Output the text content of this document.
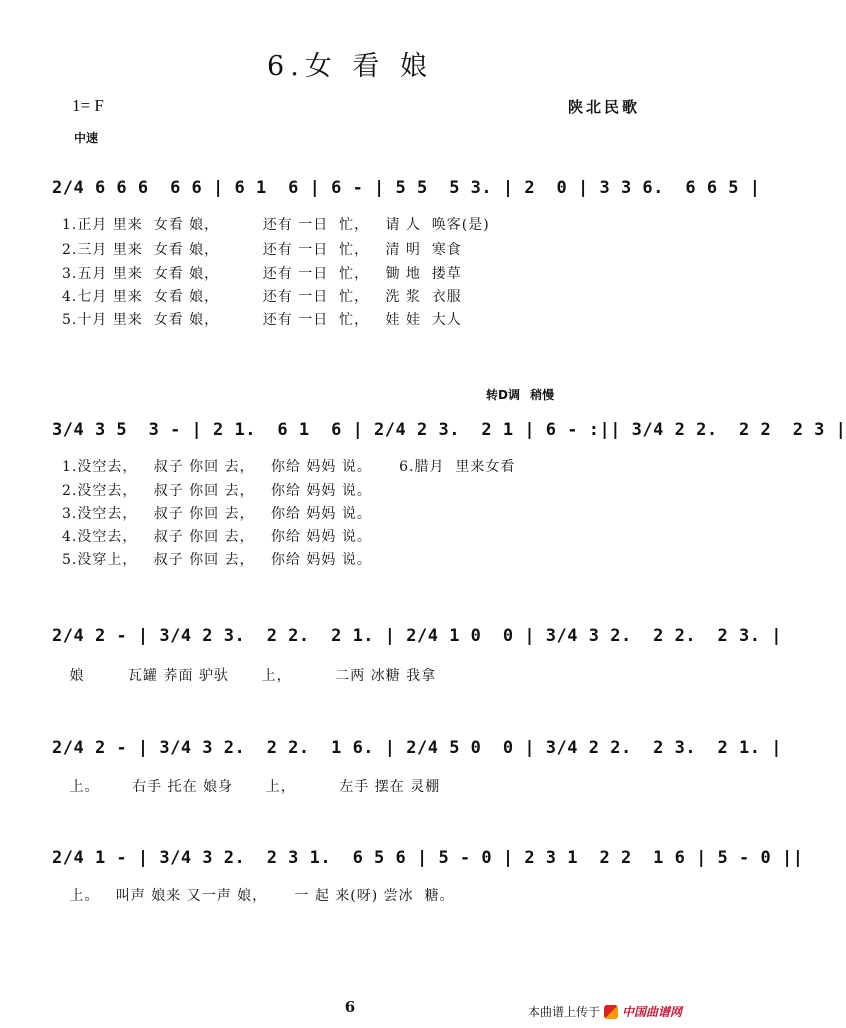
6.女 看 娘
1= F	陕北民歌
中速
2/4 6 6 6  6 6 | 6 1  6 | 6 - | 5 5  5 3. | 2  0 | 3 3 6.  6 6 5 |
1.正月 里来  女看 娘，        还有 一日  忙，   请 人  唤客(是)
2.三月 里来  女看 娘，        还有 一日  忙，   清 明  寒食
3.五月 里来  女看 娘，        还有 一日  忙，   锄 地  搂草
4.七月 里来  女看 娘，        还有 一日  忙，   洗 浆  衣服
5.十月 里来  女看 娘，        还有 一日  忙，   娃 娃  大人
转D调 稍慢
3/4 3 5  3 - | 2 1.  6 1  6 | 2/4 2 3.  2 1 | 6 - :|| 3/4 2 2.  2 2  2 3 |
1.没空去，   叔子 你回 去，   你给 妈妈 说。     6.腊月  里来女看
2.没空去，   叔子 你回 去，   你给 妈妈 说。
3.没空去，   叔子 你回 去，   你给 妈妈 说。
4.没空去，   叔子 你回 去，   你给 妈妈 说。
5.没穿上，   叔子 你回 去，   你给 妈妈 说。
2/4 2 - | 3/4 2 3.  2 2.  2 1. | 2/4 1 0  0 | 3/4 3 2.  2 2.  2 3. |
娘        瓦罐 荞面 驴驮      上，        二两 冰糖 我拿
2/4 2 - | 3/4 3 2.  2 2.  1 6. | 2/4 5 0  0 | 3/4 2 2.  2 3.  2 1. |
上。      右手 托在 娘身      上，        左手 摆在 灵棚
2/4 1 - | 3/4 3 2.  2 3 1.  6 5 6 | 5 - 0 | 2 3 1  2 2  1 6 | 5 - 0 ||
上。   叫声 娘来 又一声 娘，     一 起 来(呀) 尝冰  糖。
6	本曲谱上传于 中国曲谱网
